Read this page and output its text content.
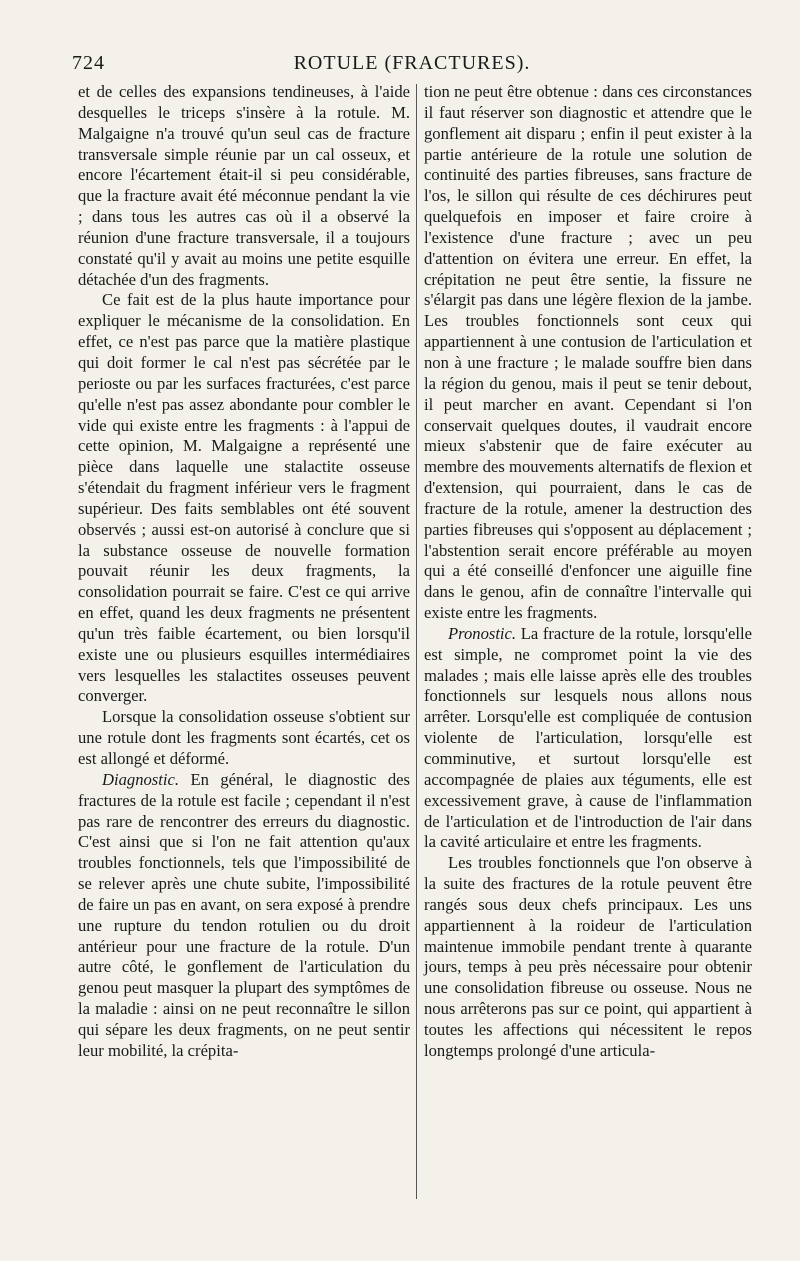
724	ROTULE (FRACTURES).

et de celles des expansions tendineuses, à l'aide desquelles le triceps s'insère à la rotule. M. Malgaigne n'a trouvé qu'un seul cas de fracture transversale simple réunie par un cal osseux, et encore l'écartement était-il si peu considérable, que la fracture avait été méconnue pendant la vie ; dans tous les autres cas où il a observé la réunion d'une fracture transversale, il a toujours constaté qu'il y avait au moins une petite esquille détachée d'un des fragments.

Ce fait est de la plus haute importance pour expliquer le mécanisme de la consolidation. En effet, ce n'est pas parce que la matière plastique qui doit former le cal n'est pas sécrétée par le perioste ou par les surfaces fracturées, c'est parce qu'elle n'est pas assez abondante pour combler le vide qui existe entre les fragments : à l'appui de cette opinion, M. Malgaigne a représenté une pièce dans laquelle une stalactite osseuse s'étendait du fragment inférieur vers le fragment supérieur. Des faits semblables ont été souvent observés ; aussi est-on autorisé à conclure que si la substance osseuse de nouvelle formation pouvait réunir les deux fragments, la consolidation pourrait se faire. C'est ce qui arrive en effet, quand les deux fragments ne présentent qu'un très faible écartement, ou bien lorsqu'il existe une ou plusieurs esquilles intermédiaires vers lesquelles les stalactites osseuses peuvent converger.

Lorsque la consolidation osseuse s'obtient sur une rotule dont les fragments sont écartés, cet os est allongé et déformé.

Diagnostic. En général, le diagnostic des fractures de la rotule est facile ; cependant il n'est pas rare de rencontrer des erreurs du diagnostic. C'est ainsi que si l'on ne fait attention qu'aux troubles fonctionnels, tels que l'impossibilité de se relever après une chute subite, l'impossibilité de faire un pas en avant, on sera exposé à prendre une rupture du tendon rotulien ou du droit antérieur pour une fracture de la rotule. D'un autre côté, le gonflement de l'articulation du genou peut masquer la plupart des symptômes de la maladie : ainsi on ne peut reconnaître le sillon qui sépare les deux fragments, on ne peut sentir leur mobilité, la crépita-

tion ne peut être obtenue : dans ces circonstances il faut réserver son diagnostic et attendre que le gonflement ait disparu ; enfin il peut exister à la partie antérieure de la rotule une solution de continuité des parties fibreuses, sans fracture de l'os, le sillon qui résulte de ces déchirures peut quelquefois en imposer et faire croire à l'existence d'une fracture ; avec un peu d'attention on évitera une erreur. En effet, la crépitation ne peut être sentie, la fissure ne s'élargit pas dans une légère flexion de la jambe. Les troubles fonctionnels sont ceux qui appartiennent à une contusion de l'articulation et non à une fracture ; le malade souffre bien dans la région du genou, mais il peut se tenir debout, il peut marcher en avant. Cependant si l'on conservait quelques doutes, il vaudrait encore mieux s'abstenir que de faire exécuter au membre des mouvements alternatifs de flexion et d'extension, qui pourraient, dans le cas de fracture de la rotule, amener la destruction des parties fibreuses qui s'opposent au déplacement ; l'abstention serait encore préférable au moyen qui a été conseillé d'enfoncer une aiguille fine dans le genou, afin de connaître l'intervalle qui existe entre les fragments.

Pronostic. La fracture de la rotule, lorsqu'elle est simple, ne compromet point la vie des malades ; mais elle laisse après elle des troubles fonctionnels sur lesquels nous allons nous arrêter. Lorsqu'elle est compliquée de contusion violente de l'articulation, lorsqu'elle est comminutive, et surtout lorsqu'elle est accompagnée de plaies aux téguments, elle est excessivement grave, à cause de l'inflammation de l'articulation et de l'introduction de l'air dans la cavité articulaire et entre les fragments.

Les troubles fonctionnels que l'on observe à la suite des fractures de la rotule peuvent être rangés sous deux chefs principaux. Les uns appartiennent à la roideur de l'articulation maintenue immobile pendant trente à quarante jours, temps à peu près nécessaire pour obtenir une consolidation fibreuse ou osseuse. Nous ne nous arrêterons pas sur ce point, qui appartient à toutes les affections qui nécessitent le repos longtemps prolongé d'une articula-
